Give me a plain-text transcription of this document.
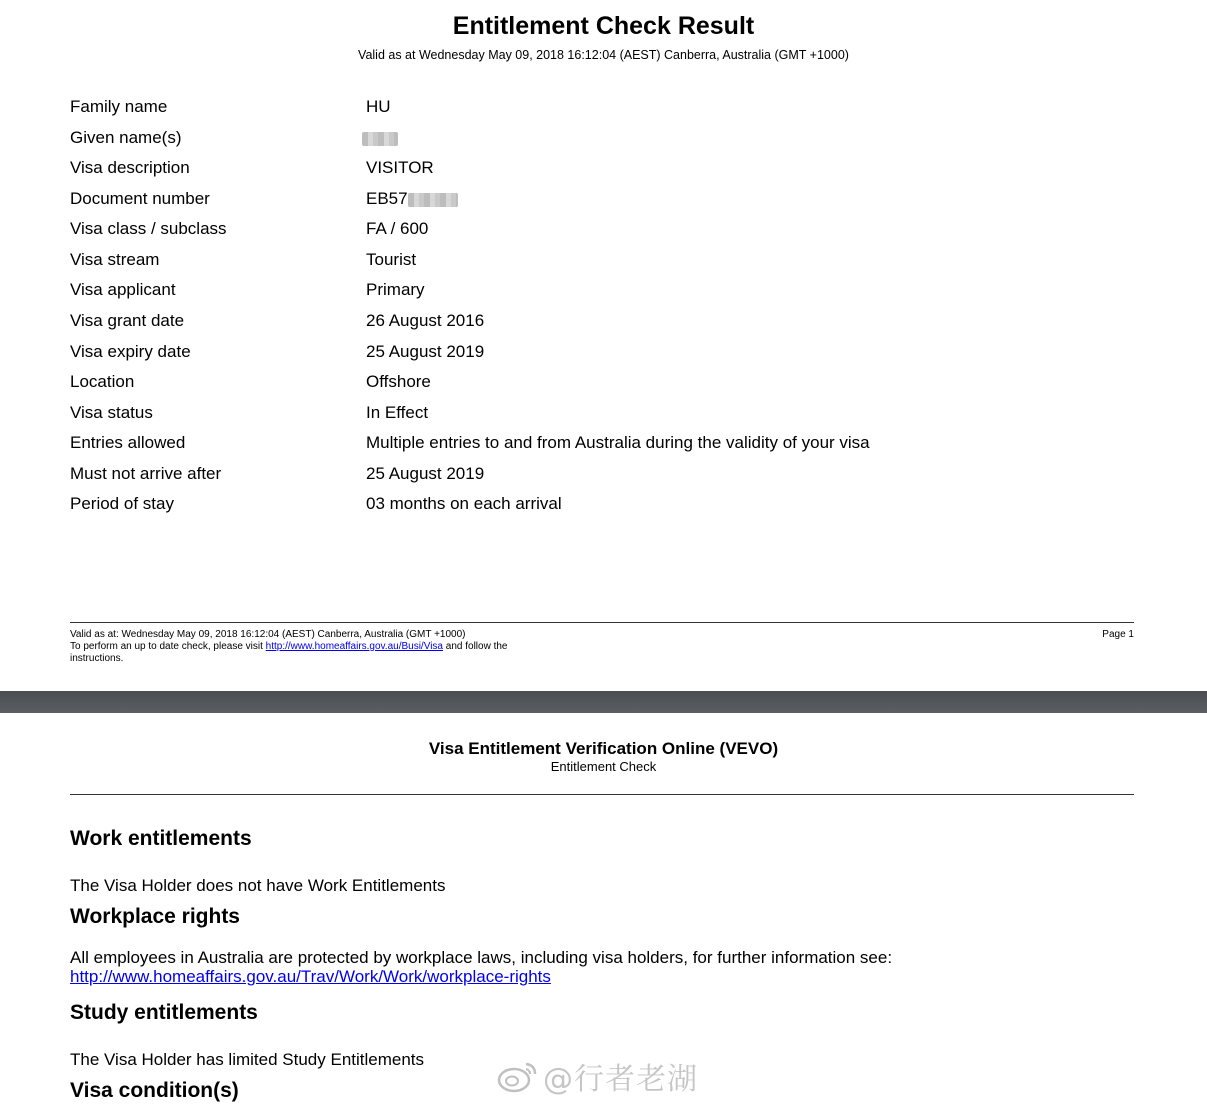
Entitlement Check Result
Valid as at Wednesday May 09, 2018 16:12:04 (AEST) Canberra, Australia (GMT +1000)
Family name	HU
Given name(s)
Visa description	VISITOR
Document number	EB57
Visa class / subclass	FA / 600
Visa stream	Tourist
Visa applicant	Primary
Visa grant date	26 August 2016
Visa expiry date	25 August 2019
Location	Offshore
Visa status	In Effect
Entries allowed	Multiple entries to and from Australia during the validity of your visa
Must not arrive after	25 August 2019
Period of stay	03 months on each arrival
Valid as at: Wednesday May 09, 2018 16:12:04 (AEST) Canberra, Australia (GMT +1000)
To perform an up to date check, please visit http://www.homeaffairs.gov.au/Busi/Visa and follow the instructions.
Page 1
Visa Entitlement Verification Online (VEVO)
Entitlement Check
Work entitlements
The Visa Holder does not have Work Entitlements
Workplace rights
All employees in Australia are protected by workplace laws, including visa holders, for further information see:
http://www.homeaffairs.gov.au/Trav/Work/Work/workplace-rights
Study entitlements
The Visa Holder has limited Study Entitlements
Visa condition(s)	@行者老湖
